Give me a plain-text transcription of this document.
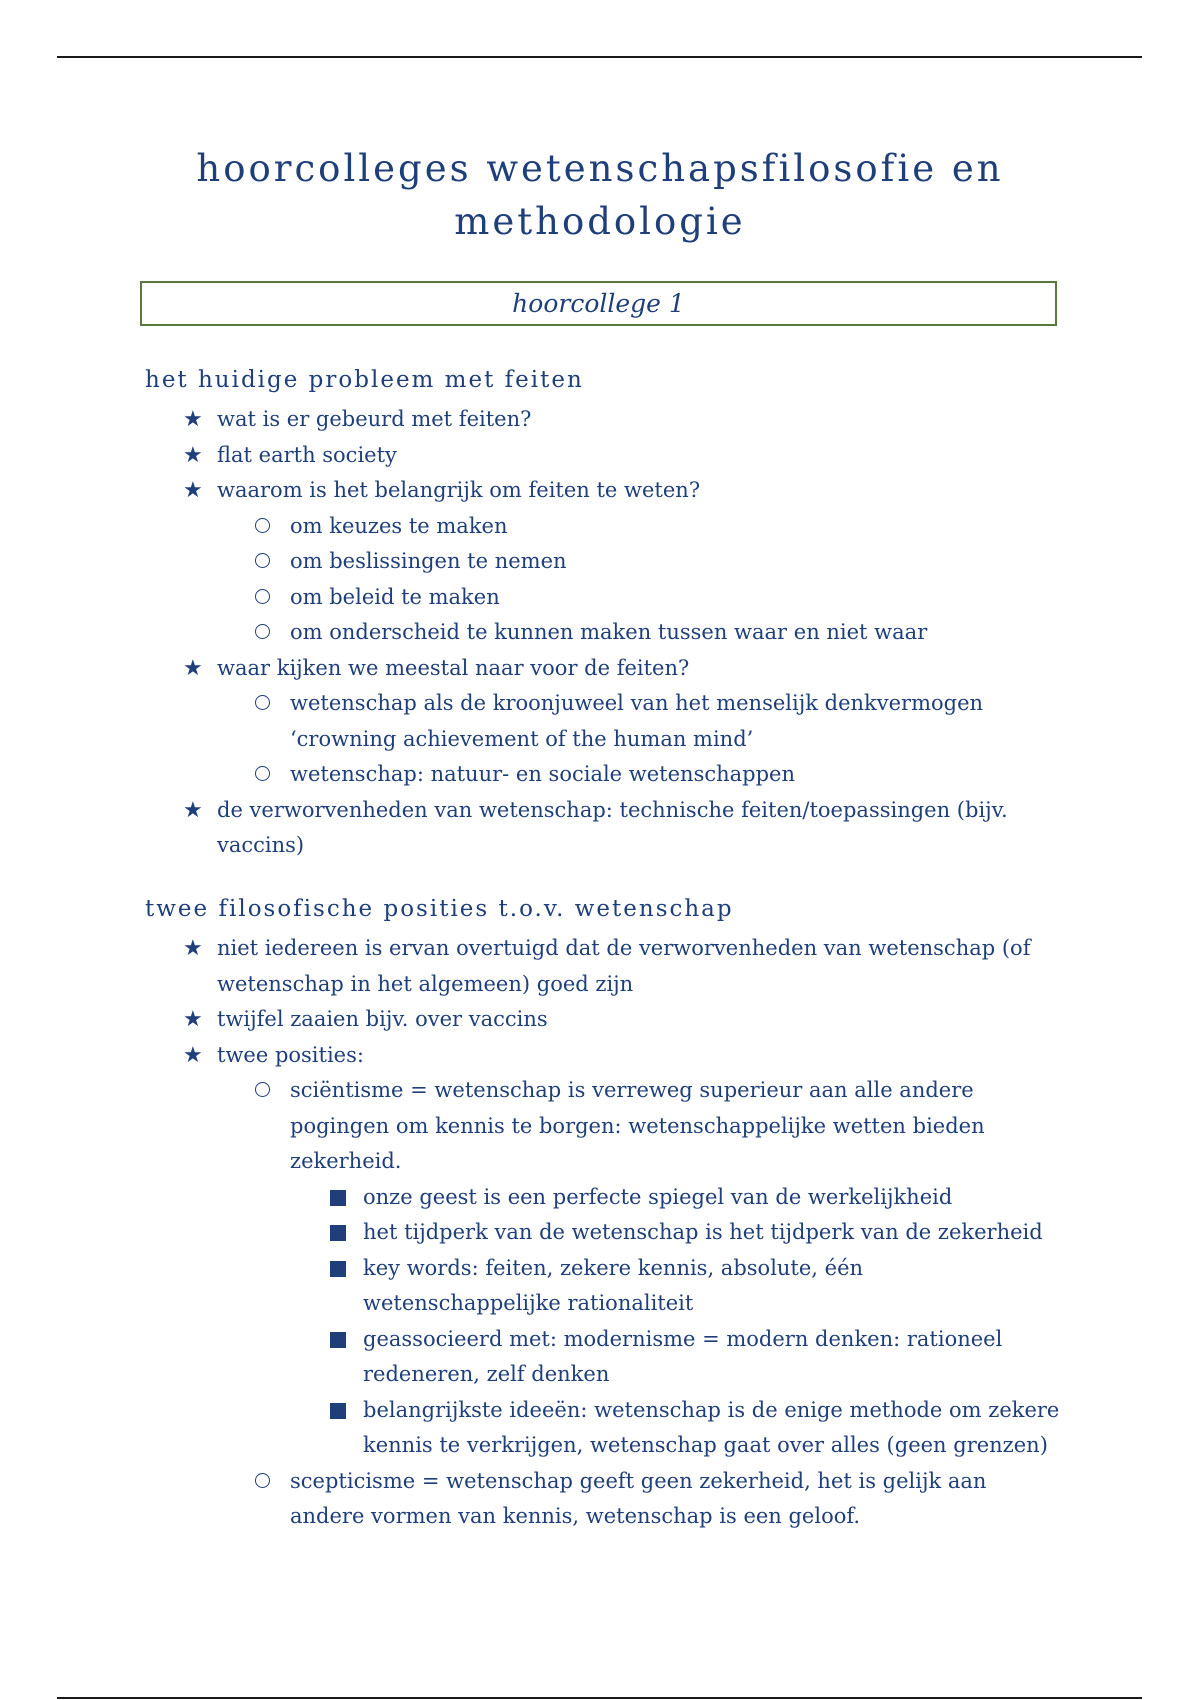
hoorcolleges wetenschapsfilosofie en methodologie
hoorcollege 1
het huidige probleem met feiten
★ wat is er gebeurd met feiten?
★ flat earth society
★ waarom is het belangrijk om feiten te weten?
om keuzes te maken
om beslissingen te nemen
om beleid te maken
om onderscheid te kunnen maken tussen waar en niet waar
★ waar kijken we meestal naar voor de feiten?
wetenschap als de kroonjuweel van het menselijk denkvermogen ‘crowning achievement of the human mind’
wetenschap: natuur- en sociale wetenschappen
★ de verworvenheden van wetenschap: technische feiten/toepassingen (bijv. vaccins)
twee filosofische posities t.o.v. wetenschap
★ niet iedereen is ervan overtuigd dat de verworvenheden van wetenschap (of wetenschap in het algemeen) goed zijn
★ twijfel zaaien bijv. over vaccins
★ twee posities:
sciëntisme = wetenschap is verreweg superieur aan alle andere pogingen om kennis te borgen: wetenschappelijke wetten bieden zekerheid.
onze geest is een perfecte spiegel van de werkelijkheid
het tijdperk van de wetenschap is het tijdperk van de zekerheid
key words: feiten, zekere kennis, absolute, één wetenschappelijke rationaliteit
geassocieerd met: modernisme = modern denken: rationeel redeneren, zelf denken
belangrijkste ideeën: wetenschap is de enige methode om zekere kennis te verkrijgen, wetenschap gaat over alles (geen grenzen)
scepticisme = wetenschap geeft geen zekerheid, het is gelijk aan andere vormen van kennis, wetenschap is een geloof.
